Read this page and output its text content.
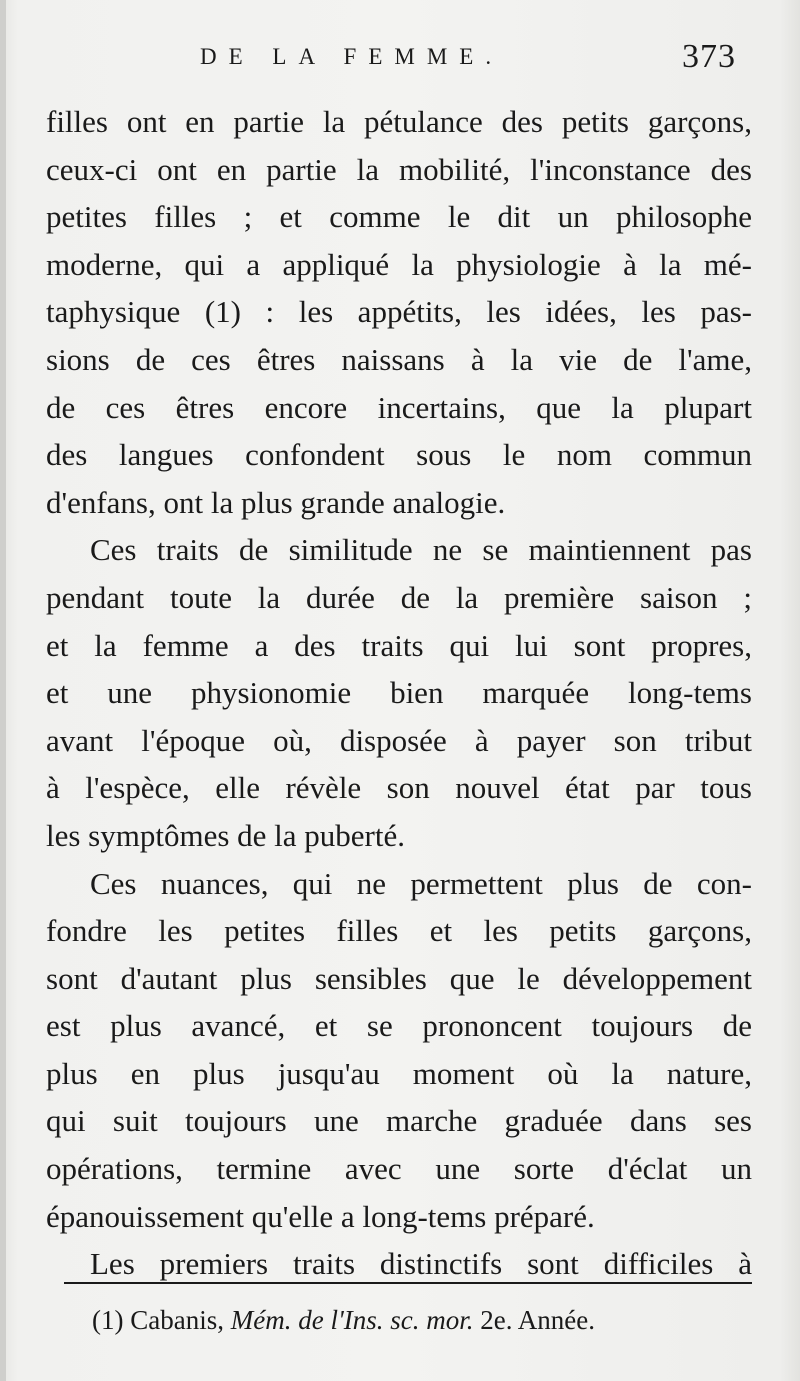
DE LA FEMME.	373
filles ont en partie la pétulance des petits garçons,
ceux-ci ont en partie la mobilité, l'inconstance des
petites filles ; et comme le dit un philosophe
moderne, qui a appliqué la physiologie à la mé-
taphysique (1) : les appétits, les idées, les pas-
sions de ces êtres naissans à la vie de l'ame,
de ces êtres encore incertains, que la plupart
des langues confondent sous le nom commun
d'enfans, ont la plus grande analogie.
Ces traits de similitude ne se maintiennent pas
pendant toute la durée de la première saison ;
et la femme a des traits qui lui sont propres,
et une physionomie bien marquée long-tems
avant l'époque où, disposée à payer son tribut
à l'espèce, elle révèle son nouvel état par tous
les symptômes de la puberté.
Ces nuances, qui ne permettent plus de con-
fondre les petites filles et les petits garçons,
sont d'autant plus sensibles que le développement
est plus avancé, et se prononcent toujours de
plus en plus jusqu'au moment où la nature,
qui suit toujours une marche graduée dans ses
opérations, termine avec une sorte d'éclat un
épanouissement qu'elle a long-tems préparé.
Les premiers traits distinctifs sont difficiles à
(1) Cabanis, Mém. de l'Ins. sc. mor. 2e. Année.
